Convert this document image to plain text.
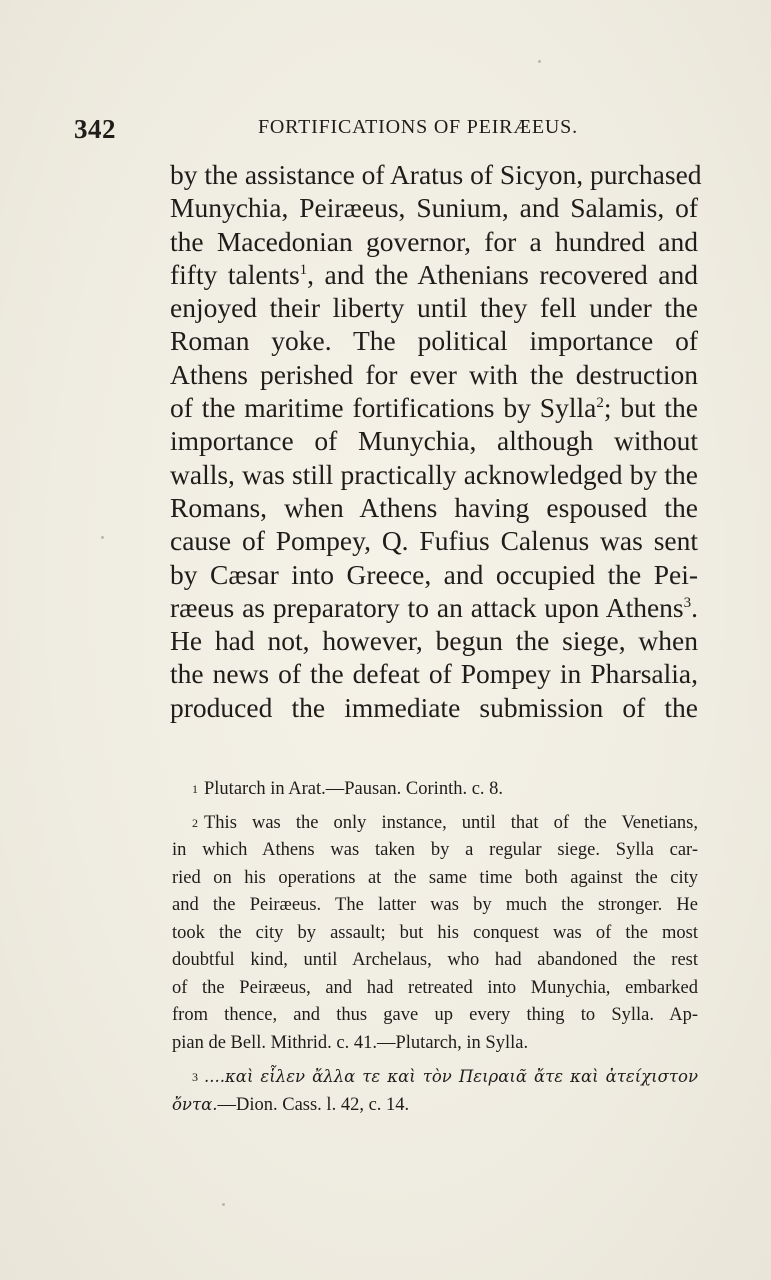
342	FORTIFICATIONS OF PEIRÆEUS.
by the assistance of Aratus of Sicyon, purchased
Munychia, Peiræeus, Sunium, and Salamis, of
the Macedonian governor, for a hundred and
fifty talents$^1$, and the Athenians recovered and
enjoyed their liberty until they fell under the
Roman yoke. The political importance of
Athens perished for ever with the destruction
of the maritime fortifications by Sylla$^2$; but the
importance of Munychia, although without
walls, was still practically acknowledged by the
Romans, when Athens having espoused the
cause of Pompey, Q. Fufius Calenus was sent
by Cæsar into Greece, and occupied the Pei-
ræeus as preparatory to an attack upon Athens$^3$.
He had not, however, begun the siege, when
the news of the defeat of Pompey in Pharsalia,
produced the immediate submission of the
1 Plutarch in Arat.—Pausan. Corinth. c. 8.
2 This was the only instance, until that of the Venetians,
in which Athens was taken by a regular siege. Sylla car-
ried on his operations at the same time both against the city
and the Peiræeus. The latter was by much the stronger. He
took the city by assault; but his conquest was of the most
doubtful kind, until Archelaus, who had abandoned the rest
of the Peiræeus, and had retreated into Munychia, embarked
from thence, and thus gave up every thing to Sylla. Ap-
pian de Bell. Mithrid. c. 41.—Plutarch, in Sylla.
3 ....καὶ εἷλεν ἄλλα τε καὶ τὸν Πειραιᾶ ἄτε καὶ ἀτείχιστον
ὄντα.—Dion. Cass. l. 42, c. 14.
